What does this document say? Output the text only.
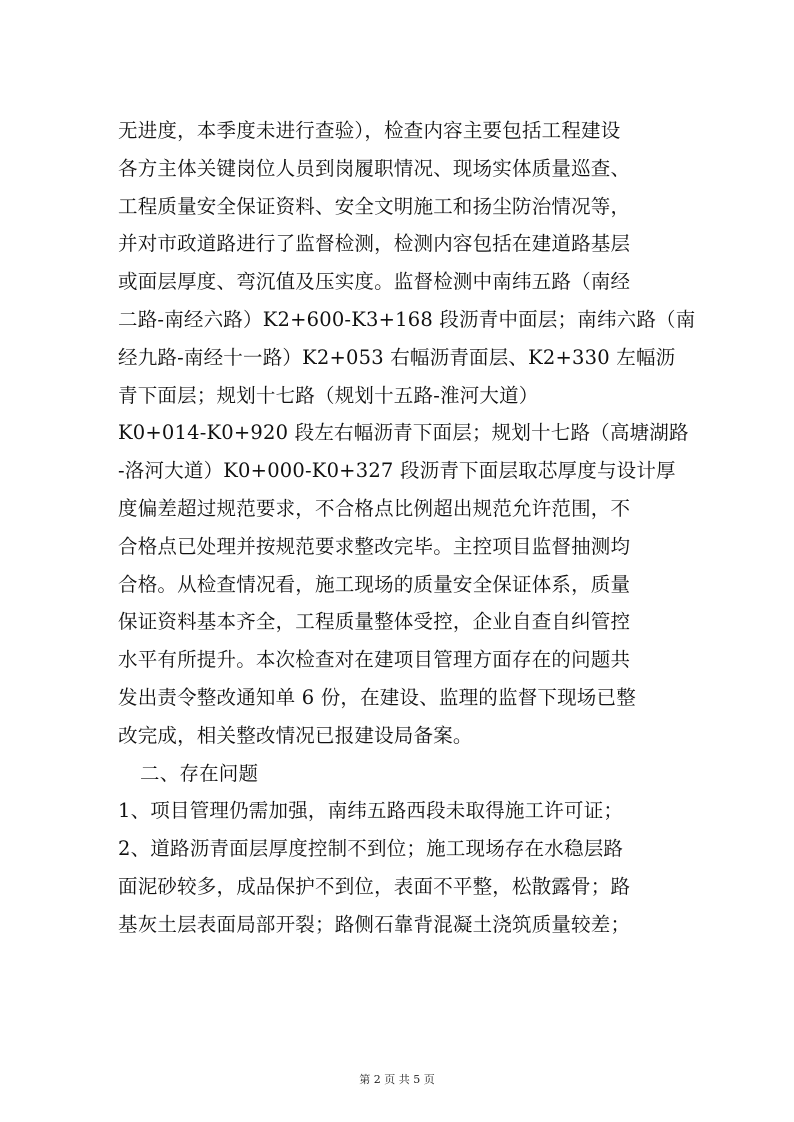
无进度，本季度未进行查验），检查内容主要包括工程建设
各方主体关键岗位人员到岗履职情况、现场实体质量巡查、
工程质量安全保证资料、安全文明施工和扬尘防治情况等，
并对市政道路进行了监督检测，检测内容包括在建道路基层
或面层厚度、弯沉值及压实度。监督检测中南纬五路（南经
二路-南经六路）K2+600-K3+168 段沥青中面层；南纬六路（南
经九路-南经十一路）K2+053 右幅沥青面层、K2+330 左幅沥
青下面层；规划十七路（规划十五路-淮河大道）
K0+014-K0+920 段左右幅沥青下面层；规划十七路（高塘湖路
-洛河大道）K0+000-K0+327 段沥青下面层取芯厚度与设计厚
度偏差超过规范要求，不合格点比例超出规范允许范围，不
合格点已处理并按规范要求整改完毕。主控项目监督抽测均
合格。从检查情况看，施工现场的质量安全保证体系，质量
保证资料基本齐全，工程质量整体受控，企业自查自纠管控
水平有所提升。本次检查对在建项目管理方面存在的问题共
发出责令整改通知单 6 份，在建设、监理的监督下现场已整
改完成，相关整改情况已报建设局备案。
二、存在问题
1、项目管理仍需加强，南纬五路西段未取得施工许可证；
2、道路沥青面层厚度控制不到位；施工现场存在水稳层路
面泥砂较多，成品保护不到位，表面不平整，松散露骨；路
基灰土层表面局部开裂；路侧石靠背混凝土浇筑质量较差；
第 2 页 共 5 页
